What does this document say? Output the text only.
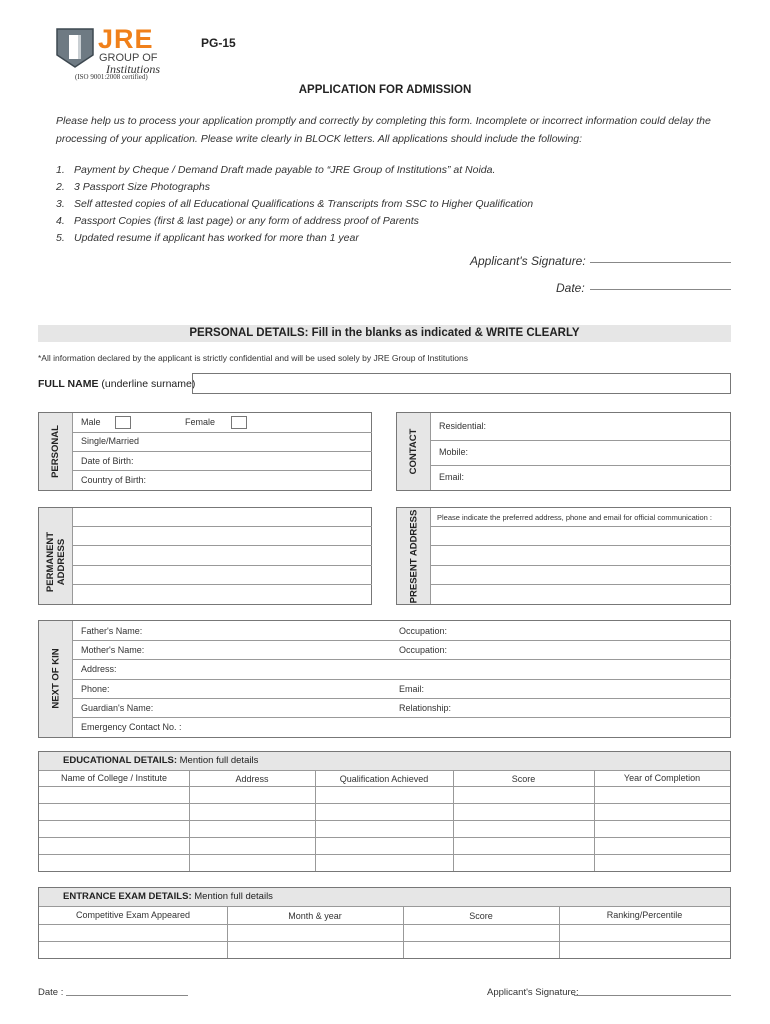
JRE
GROUP OF
Institutions
(ISO 9001:2008 certified)
PG-15
APPLICATION FOR ADMISSION
Please help us to process your application promptly and correctly by completing this form. Incomplete or incorrect information could delay the
processing of your application. Please write clearly in BLOCK letters. All applications should include the following:
1. Payment by Cheque / Demand Draft made payable to “JRE Group of Institutions” at Noida.
2. 3 Passport Size Photographs
3. Self attested copies of all Educational Qualifications & Transcripts from SSC to Higher Qualification
4. Passport Copies (first & last page) or any form of address proof of Parents
5. Updated resume if applicant has worked for more than 1 year
Applicant's Signature:
Date:
PERSONAL DETAILS: Fill in the blanks as indicated & WRITE CLEARLY
*All information declared by the applicant is strictly confidential and will be used solely by JRE Group of Institutions
FULL NAME (underline surname)
PERSONAL
Male	Female
Single/Married
Date of Birth:
Country of Birth:
CONTACT
Residential:
Mobile:
Email:
PERMANENT ADDRESS	PRESENT ADDRESS Please indicate the preferred address, phone and email for official communication :
NEXT OF KIN
Father's Name:	Occupation:
Mother's Name:	Occupation:
Address:
Phone:	Email:
Guardian's Name:	Relationship:
Emergency Contact No. :
EDUCATIONAL DETAILS: Mention full details
Name of College / Institute	Address	Qualification Achieved	Score	Year of Completion
ENTRANCE EXAM DETAILS: Mention full details
Competitive Exam Appeared	Month & year	Score	Ranking/Percentile
Date :	Applicant's Signature:
